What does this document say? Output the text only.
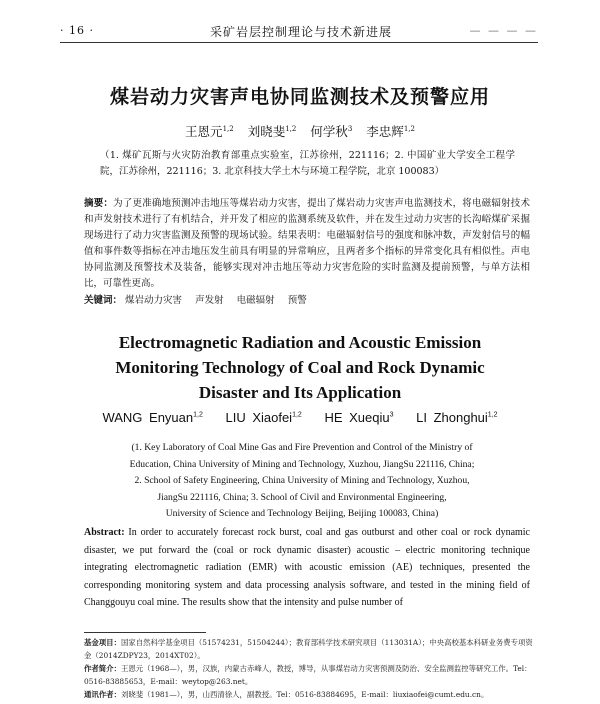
· 16 ·	采矿岩层控制理论与技术新进展	— — — —
煤岩动力灾害声电协同监测技术及预警应用
王恩元$^{1,2}$ 刘晓斐$^{1,2}$ 何学秋$^3$ 李忠辉$^{1,2}$
（1. 煤矿瓦斯与火灾防治教育部重点实验室，江苏徐州，221116；2. 中国矿业大学安全工程学院，江苏徐州，221116；3. 北京科技大学土木与环境工程学院，北京 100083）
摘要：为了更准确地预测冲击地压等煤岩动力灾害，提出了煤岩动力灾害声电监测技术，将电磁辐射技术和声发射技术进行了有机结合，并开发了相应的监测系统及软件，并在发生过动力灾害的长沟峪煤矿采掘现场进行了动力灾害监测及预警的现场试验。结果表明：电磁辐射信号的强度和脉冲数，声发射信号的幅值和事件数等指标在冲击地压发生前具有明显的异常响应，且两者多个指标的异常变化具有相似性。声电协同监测及预警技术及装备，能够实现对冲击地压等动力灾害危险的实时监测及提前预警，与单方法相比，可靠性更高。
关键词： 煤岩动力灾害 声发射 电磁辐射 预警
Electromagnetic Radiation and Acoustic Emission
Monitoring Technology of Coal and Rock Dynamic
Disaster and Its Application
WANG Enyuan$^{1,2}$ LIU Xiaofei$^{1,2}$ HE Xueqiu$^3$ LI Zhonghui$^{1,2}$
(1. Key Laboratory of Coal Mine Gas and Fire Prevention and Control of the Ministry of
Education, China University of Mining and Technology, Xuzhou, JiangSu 221116, China;
2. School of Safety Engineering, China University of Mining and Technology, Xuzhou,
JiangSu 221116, China; 3. School of Civil and Environmental Engineering,
University of Science and Technology Beijing, Beijing 100083, China)
Abstract: In order to accurately forecast rock burst, coal and gas outburst and other coal or rock dynamic disaster, we put forward the (coal or rock dynamic disaster) acoustic – electric monitoring technique integrating electromagnetic radiation (EMR) with acoustic emission (AE) techniques, presented the corresponding monitoring system and data processing analysis software, and tested in the mining field of Changgouyu coal mine. The results show that the intensity and pulse number of
基金项目：国家自然科学基金项目（51574231，51504244）；教育部科学技术研究项目（113031A）；中央高校基本科研业务费专项资金（2014ZDPY23，2014XT02）。
作者简介：王恩元（1968—），男，汉族，内蒙古赤峰人，教授，博导，从事煤岩动力灾害预测及防治、安全监测监控等研究工作。Tel：0516-83885653，E-mail：weytop@263.net。
通讯作者：刘晓斐（1981—），男，山西清徐人，副教授。Tel：0516-83884695，E-mail：liuxiaofei@cumt.edu.cn。
